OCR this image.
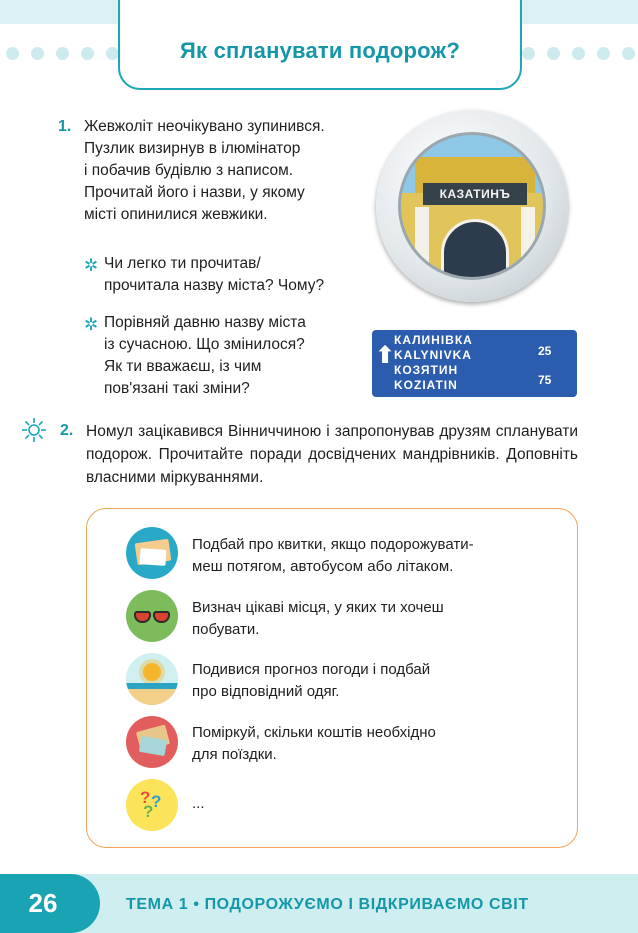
Як спланувати подорож?
1. Жевжоліт неочікувано зупинився.
Пузлик визирнув в ілюмінатор
і побачив будівлю з написом.
Прочитай його і назви, у якому
місті опинилися жевжики.
✲ Чи легко ти прочитав/
прочитала назву міста? Чому?
✲ Порівняй давню назву міста
із сучасною. Що змінилося?
Як ти вважаєш, із чим
пов'язані такі зміни?
КАЗАТИНЪ
⬆
КАЛИНІВКА
KALYNIVKA
КОЗЯТИН
KOZIATIN
25
75
2. Номул зацікавився Вінниччиною і запропонував друзям спланувати подорож. Прочитайте поради досвідчених мандрівників. Доповніть власними міркуваннями.
Подбай про квитки, якщо подорожувати-
меш потягом, автобусом або літаком.
Визнач цікаві місця, у яких ти хочеш
побувати.
Подивися прогноз погоди і подбай
про відповідний одяг.
Поміркуй, скільки коштів необхідно
для поїздки.
? ?
?	...
26	ТЕМА 1 • ПОДОРОЖУЄМО І ВІДКРИВАЄМО СВІТ
